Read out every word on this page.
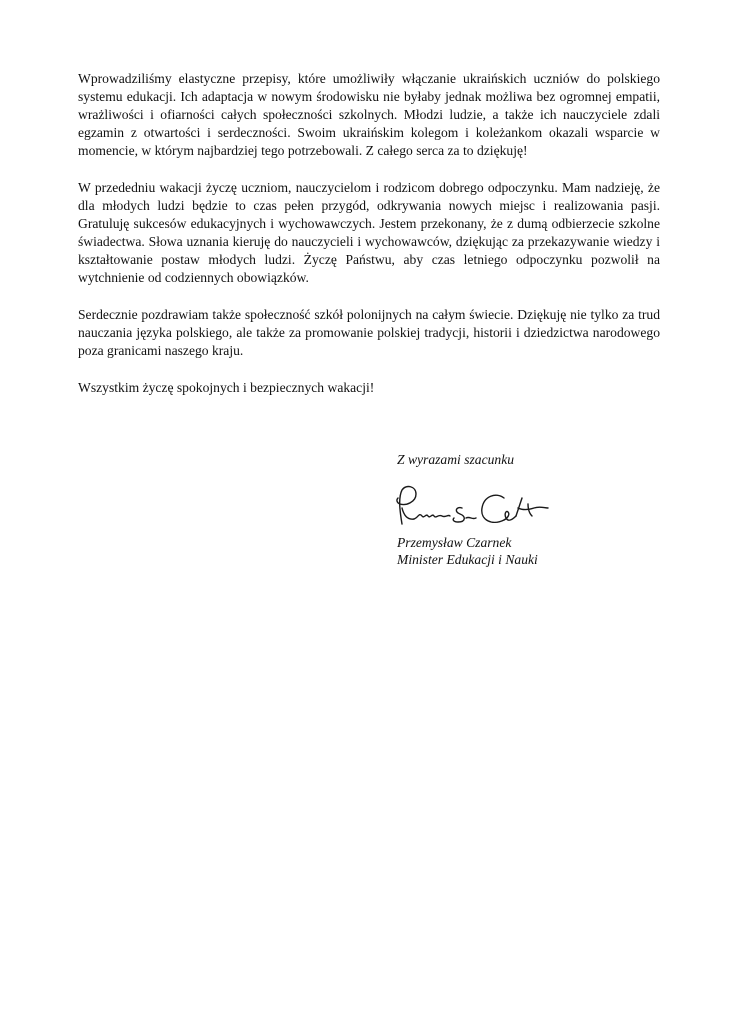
Wprowadziliśmy elastyczne przepisy, które umożliwiły włączanie ukraińskich uczniów do polskiego systemu edukacji. Ich adaptacja w nowym środowisku nie byłaby jednak możliwa bez ogromnej empatii, wrażliwości i ofiarności całych społeczności szkolnych. Młodzi ludzie, a także ich nauczyciele zdali egzamin z otwartości i serdeczności. Swoim ukraińskim kolegom i koleżankom okazali wsparcie w momencie, w którym najbardziej tego potrzebowali. Z całego serca za to dziękuję!

W przededniu wakacji życzę uczniom, nauczycielom i rodzicom dobrego odpoczynku. Mam nadzieję, że dla młodych ludzi będzie to czas pełen przygód, odkrywania nowych miejsc i realizowania pasji. Gratuluję sukcesów edukacyjnych i wychowawczych. Jestem przekonany, że z dumą odbierzecie szkolne świadectwa. Słowa uznania kieruję do nauczycieli i wychowawców, dziękując za przekazywanie wiedzy i kształtowanie postaw młodych ludzi. Życzę Państwu, aby czas letniego odpoczynku pozwolił na wytchnienie od codziennych obowiązków.

Serdecznie pozdrawiam także społeczność szkół polonijnych na całym świecie. Dziękuję nie tylko za trud nauczania języka polskiego, ale także za promowanie polskiej tradycji, historii i dziedzictwa narodowego poza granicami naszego kraju.

Wszystkim życzę spokojnych i bezpiecznych wakacji!

Z wyrazami szacunku
Przemysław Czarnek
Minister Edukacji i Nauki
